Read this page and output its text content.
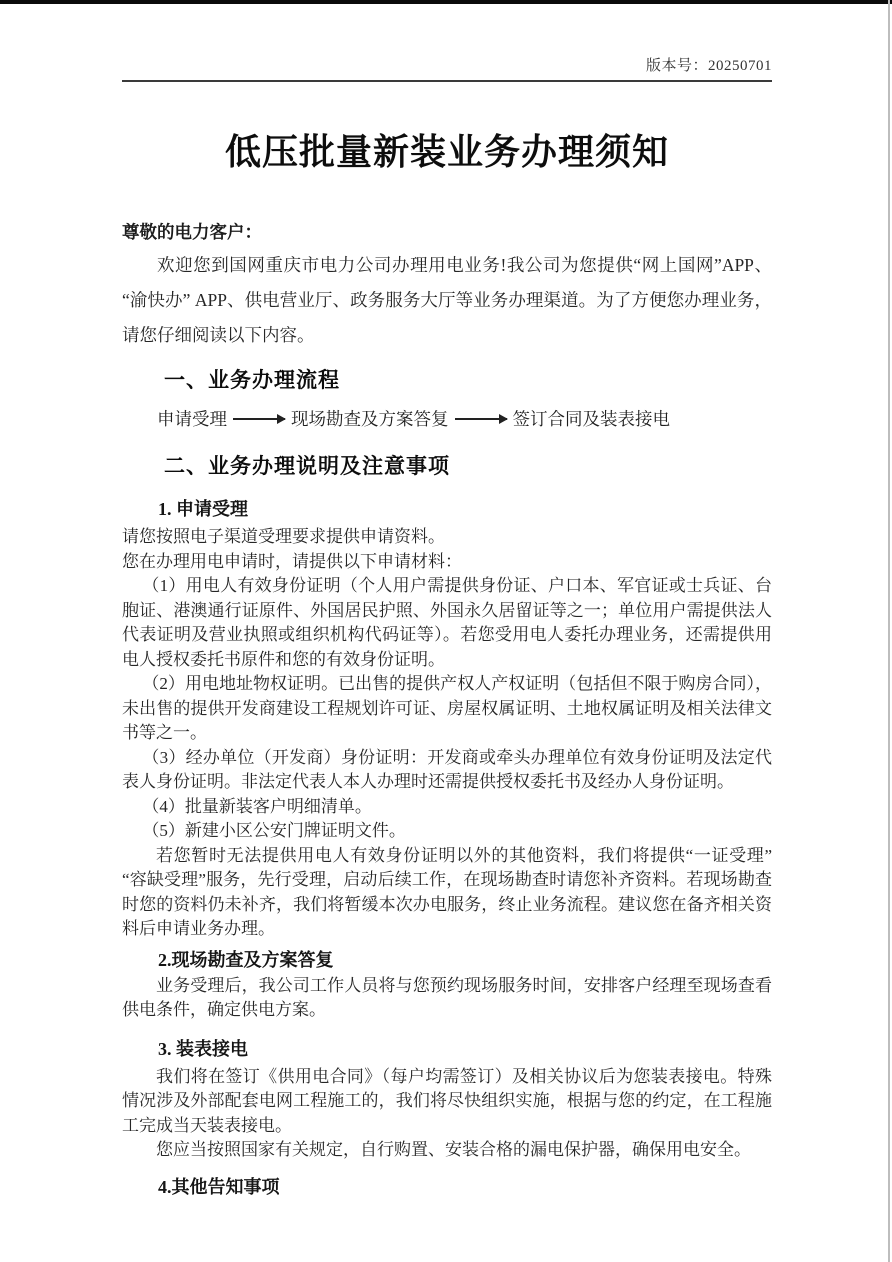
版本号：20250701
低压批量新装业务办理须知

尊敬的电力客户：

欢迎您到国网重庆市电力公司办理用电业务!我公司为您提供“网上国网”APP、“渝快办” APP、供电营业厅、政务服务大厅等业务办理渠道。为了方便您办理业务，请您仔细阅读以下内容。

一、业务办理流程
申请受理	现场勘查及方案答复	签订合同及装表接电
二、业务办理说明及注意事项
1. 申请受理

请您按照电子渠道受理要求提供申请资料。

您在办理用电申请时，请提供以下申请材料：

（1）用电人有效身份证明（个人用户需提供身份证、户口本、军官证或士兵证、台胞证、港澳通行证原件、外国居民护照、外国永久居留证等之一；单位用户需提供法人代表证明及营业执照或组织机构代码证等）。若您受用电人委托办理业务，还需提供用电人授权委托书原件和您的有效身份证明。

（2）用电地址物权证明。已出售的提供产权人产权证明（包括但不限于购房合同），未出售的提供开发商建设工程规划许可证、房屋权属证明、土地权属证明及相关法律文书等之一。

（3）经办单位（开发商）身份证明：开发商或牵头办理单位有效身份证明及法定代表人身份证明。非法定代表人本人办理时还需提供授权委托书及经办人身份证明。

（4）批量新装客户明细清单。

（5）新建小区公安门牌证明文件。

若您暂时无法提供用电人有效身份证明以外的其他资料，我们将提供“一证受理”“容缺受理”服务，先行受理，启动后续工作，在现场勘查时请您补齐资料。若现场勘查时您的资料仍未补齐，我们将暂缓本次办电服务，终止业务流程。建议您在备齐相关资料后申请业务办理。

2.现场勘查及方案答复

业务受理后，我公司工作人员将与您预约现场服务时间，安排客户经理至现场查看供电条件，确定供电方案。

3. 装表接电

我们将在签订《供用电合同》（每户均需签订）及相关协议后为您装表接电。特殊情况涉及外部配套电网工程施工的，我们将尽快组织实施，根据与您的约定，在工程施工完成当天装表接电。

您应当按照国家有关规定，自行购置、安装合格的漏电保护器，确保用电安全。

4.其他告知事项
